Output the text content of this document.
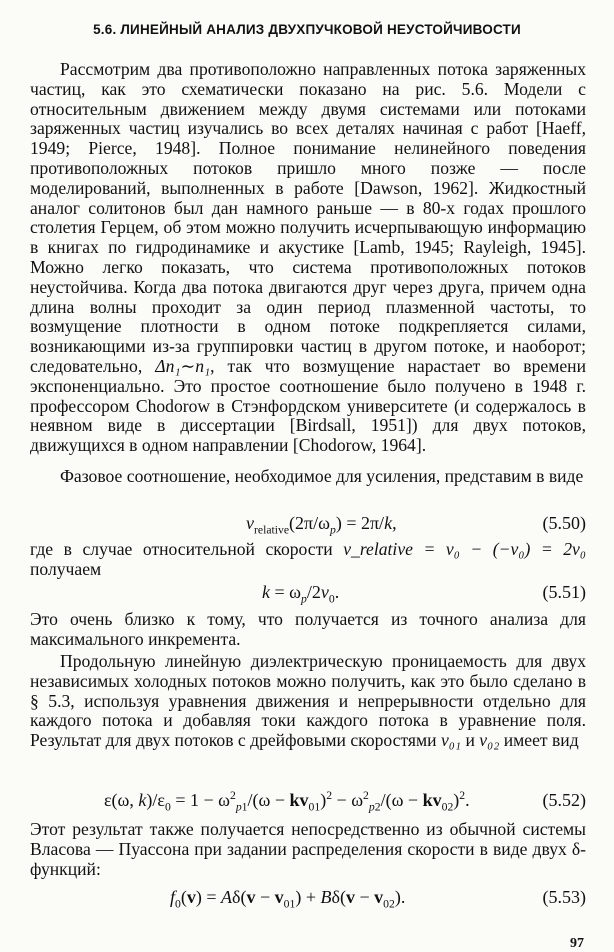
5.6. ЛИНЕЙНЫЙ АНАЛИЗ ДВУХПУЧКОВОЙ НЕУСТОЙЧИВОСТИ

Рассмотрим два противоположно направленных потока заряженных частиц, как это схематически показано на рис. 5.6. Модели с относительным движением между двумя системами или потоками заряженных частиц изучались во всех деталях начиная с работ [Haeff, 1949; Pierce, 1948]. Полное понимание нелинейного поведения противоположных потоков пришло много позже — после моделирований, выполненных в работе [Dawson, 1962]. Жидкостный аналог солитонов был дан намного раньше — в 80-х годах прошлого столетия Герцем, об этом можно получить исчерпывающую информацию в книгах по гидродинамике и акустике [Lamb, 1945; Rayleigh, 1945]. Можно легко показать, что система противоположных потоков неустойчива. Когда два потока двигаются друг через друга, причем одна длина волны проходит за один период плазменной частоты, то возмущение плотности в одном потоке подкрепляется силами, возникающими из-за группировки частиц в другом потоке, и наоборот; следовательно, Δn₁∼n₁, так что возмущение нарастает во времени экспоненциально. Это простое соотношение было получено в 1948 г. профессором Chodorow в Стэнфордском университете (и содержалось в неявном виде в диссертации [Birdsall, 1951]) для двух потоков, движущихся в одном направлении [Chodorow, 1964].

Фазовое соотношение, необходимое для усиления, представим в виде

$v_{relative}(2\pi/\omega_p) = 2\pi/k$,	(5.50)

где в случае относительной скорости v_relative = v₀ − (−v₀) = 2v₀ получаем

$k = \omega_p/2v_0$.	(5.51)

Это очень близко к тому, что получается из точного анализа для максимального инкремента.

Продольную линейную диэлектрическую проницаемость для двух независимых холодных потоков можно получить, как это было сделано в § 5.3, используя уравнения движения и непрерывности отдельно для каждого потока и добавляя токи каждого потока в уравнение поля. Результат для двух потоков с дрейфовыми скоростями v₀₁ и v₀₂ имеет вид

ε(ω, $k)/\varepsilon_0 = 1 - \omega^2_{p1}/(\omega - kv_{01})^2 - \omega^2_{p2}/(\omega - kv_{02})^2$.	(5.52)

Этот результат также получается непосредственно из обычной системы Власова — Пуассона при задании распределения скорости в виде двух δ-функций:

$f_0(v) = A\delta(v - v_{01}) + B\delta(v - v_{02})$.	(5.53)
97
